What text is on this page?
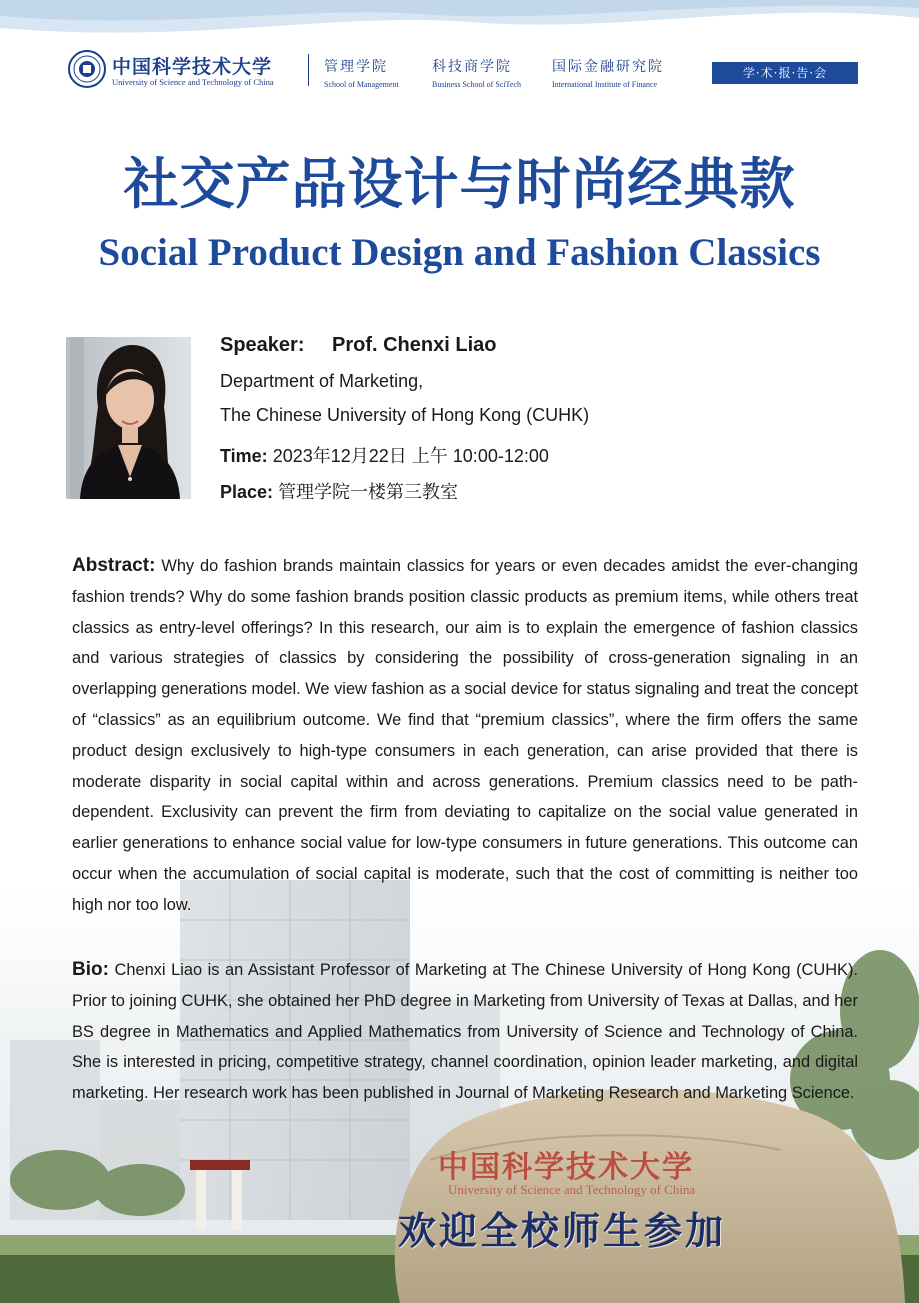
中国科学技术大学
University of Science and Technology of China
管理学院
School of Management
科技商学院
Business School of SciTech
国际金融研究院
International Institute of Finance
学·术·报·告·会
社交产品设计与时尚经典款
Social Product Design and Fashion Classics
Speaker: Prof. Chenxi Liao
Department of Marketing,
The Chinese University of Hong Kong (CUHK)
Time: 2023年12月22日 上午 10:00-12:00
Place: 管理学院一楼第三教室
Abstract: Why do fashion brands maintain classics for years or even decades amidst the ever-changing fashion trends? Why do some fashion brands position classic products as premium items, while others treat classics as entry-level offerings? In this research, our aim is to explain the emergence of fashion classics and various strategies of classics by considering the possibility of cross-generation signaling in an overlapping generations model. We view fashion as a social device for status signaling and treat the concept of “classics” as an equilibrium outcome. We find that “premium classics”, where the firm offers the same product design exclusively to high-type consumers in each generation, can arise provided that there is moderate disparity in social capital within and across generations. Premium classics need to be path-dependent. Exclusivity can prevent the firm from deviating to capitalize on the social value generated in earlier generations to enhance social value for low-type consumers in future generations. This outcome can occur when the accumulation of social capital is moderate, such that the cost of committing is neither too high nor too low.
Bio: Chenxi Liao is an Assistant Professor of Marketing at The Chinese University of Hong Kong (CUHK). Prior to joining CUHK, she obtained her PhD degree in Marketing from University of Texas at Dallas, and her BS degree in Mathematics and Applied Mathematics from University of Science and Technology of China. She is interested in pricing, competitive strategy, channel coordination, opinion leader marketing, and digital marketing. Her research work has been published in Journal of Marketing Research and Marketing Science.
中国科学技术大学
University of Science and Technology of China
欢迎全校师生参加
